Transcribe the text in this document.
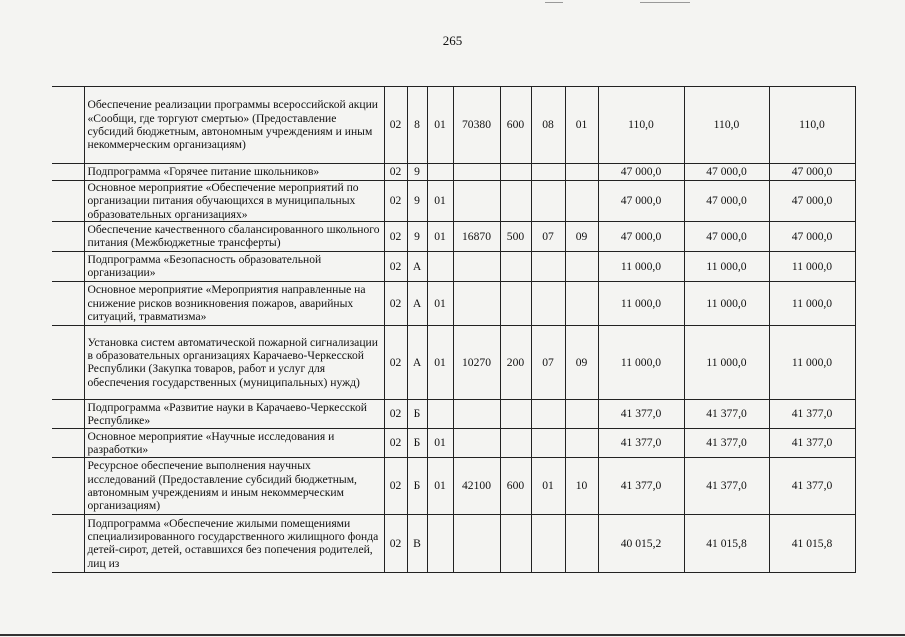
265
	Обеспечение реализации программы всероссийской акции «Сообщи, где торгуют смертью» (Предоставление субсидий бюджетным, автономным учреждениям и иным некоммерческим организациям)	02	8	01	70380	600	08	01	110,0	110,0	110,0
	Подпрограмма «Горячее питание школьников»	02	9						47 000,0	47 000,0	47 000,0
	Основное мероприятие «Обеспечение мероприятий по организации питания обучающихся в муниципальных образовательных организациях»	02	9	01					47 000,0	47 000,0	47 000,0
	Обеспечение качественного сбалансированного школьного питания (Межбюджетные трансферты)	02	9	01	16870	500	07	09	47 000,0	47 000,0	47 000,0
	Подпрограмма «Безопасность образовательной организации»	02	А						11 000,0	11 000,0	11 000,0
	Основное мероприятие «Мероприятия направленные на снижение рисков возникновения пожаров, аварийных ситуаций, травматизма»	02	А	01					11 000,0	11 000,0	11 000,0
	Установка систем автоматической пожарной сигнализации в образовательных организациях Карачаево-Черкесской Республики (Закупка товаров, работ и услуг для обеспечения государственных (муниципальных) нужд)	02	А	01	10270	200	07	09	11 000,0	11 000,0	11 000,0
	Подпрограмма «Развитие науки в Карачаево-Черкесской Республике»	02	Б						41 377,0	41 377,0	41 377,0
	Основное мероприятие «Научные исследования и разработки»	02	Б	01					41 377,0	41 377,0	41 377,0
	Ресурсное обеспечение выполнения научных исследований (Предоставление субсидий бюджетным, автономным учреждениям и иным некоммерческим организациям)	02	Б	01	42100	600	01	10	41 377,0	41 377,0	41 377,0
	Подпрограмма «Обеспечение жилыми помещениями специализированного государственного жилищного фонда детей-сирот, детей, оставшихся без попечения родителей, лиц из	02	В						40 015,2	41 015,8	41 015,8
